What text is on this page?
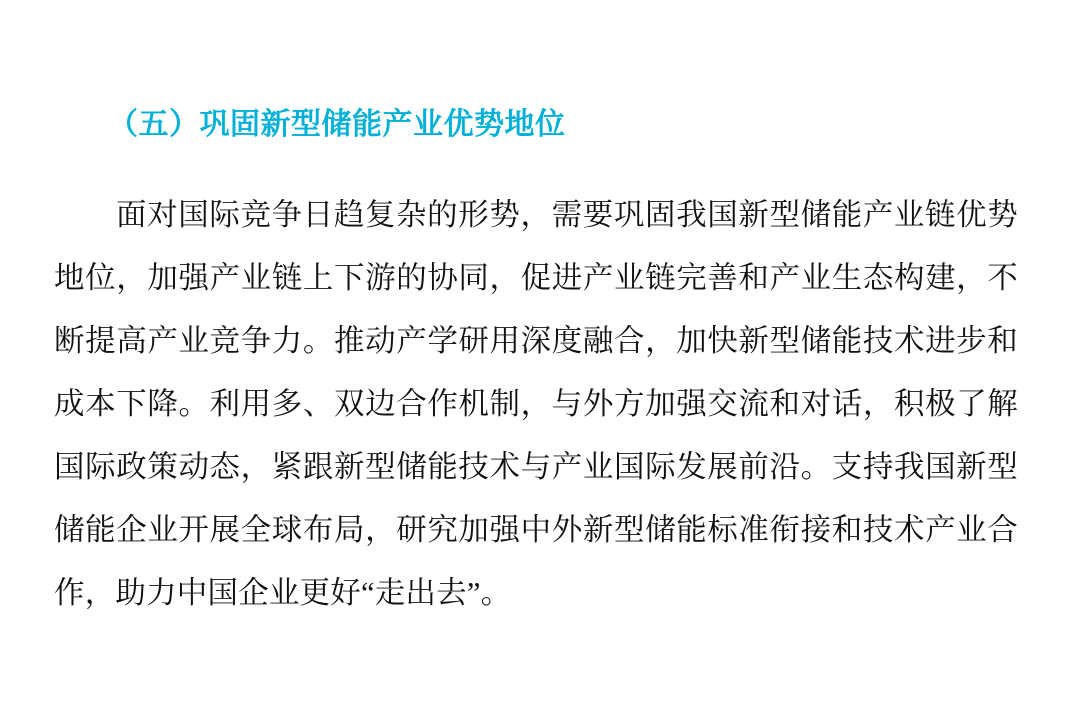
（五）巩固新型储能产业优势地位

面对国际竞争日趋复杂的形势，需要巩固我国新型储能产业链优势地位，加强产业链上下游的协同，促进产业链完善和产业生态构建，不断提高产业竞争力。推动产学研用深度融合，加快新型储能技术进步和成本下降。利用多、双边合作机制，与外方加强交流和对话，积极了解国际政策动态，紧跟新型储能技术与产业国际发展前沿。支持我国新型储能企业开展全球布局，研究加强中外新型储能标准衔接和技术产业合作，助力中国企业更好“走出去”。
